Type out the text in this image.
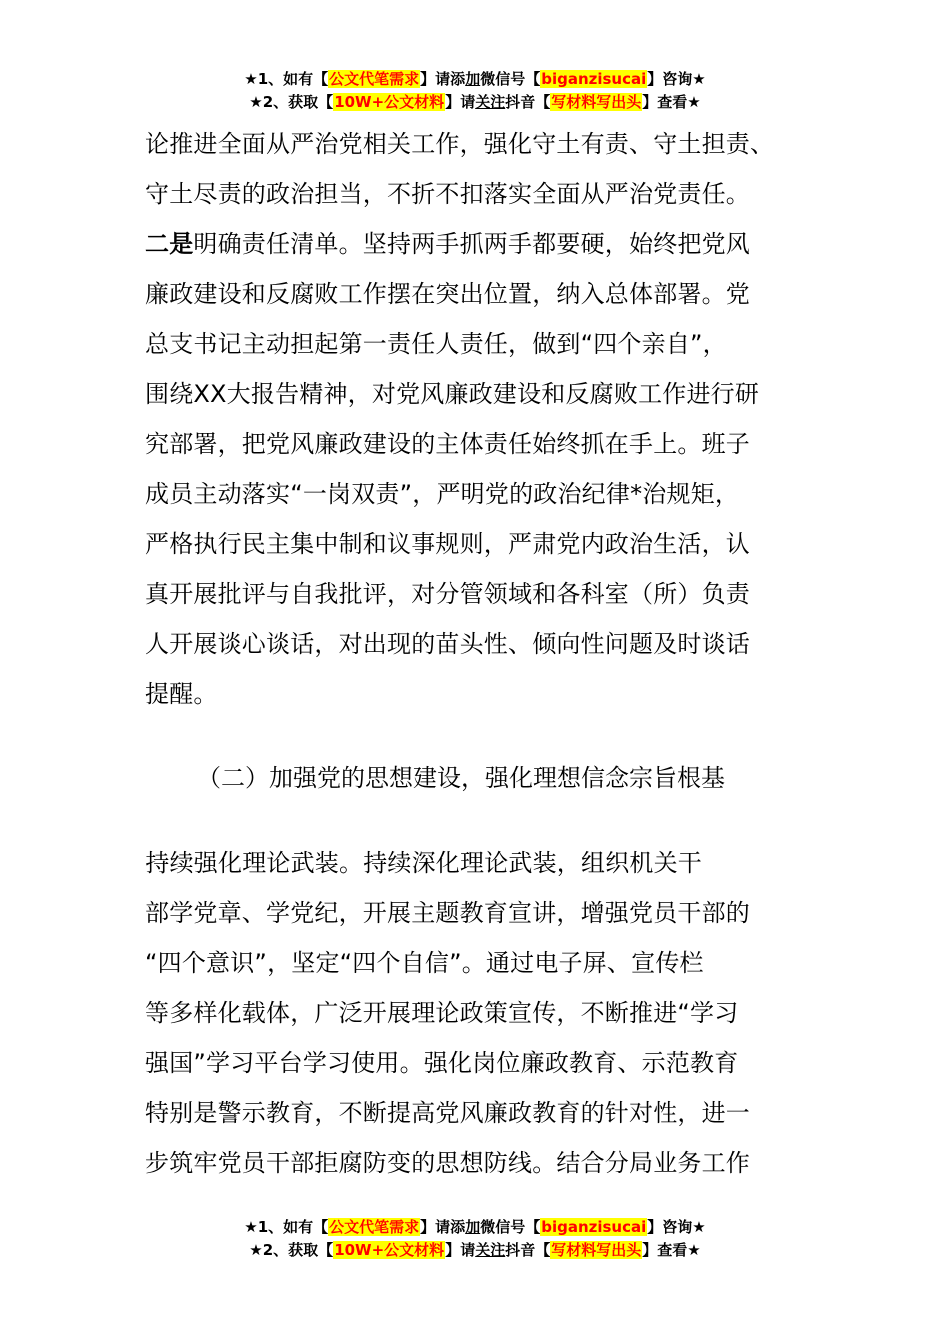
★1、如有【公文代笔需求】请添加微信号【biganzisucai】咨询★
★2、获取【10W+公文材料】请关注抖音【写材料写出头】查看★
论推进全面从严治党相关工作，强化守土有责、守土担责、
守土尽责的政治担当，不折不扣落实全面从严治党责任。
二是明确责任清单。坚持两手抓两手都要硬，始终把党风
廉政建设和反腐败工作摆在突出位置，纳入总体部署。党
总支书记主动担起第一责任人责任，做到“四个亲自”，
围绕XX大报告精神，对党风廉政建设和反腐败工作进行研
究部署，把党风廉政建设的主体责任始终抓在手上。班子
成员主动落实“一岗双责”，严明党的政治纪律*治规矩，
严格执行民主集中制和议事规则，严肃党内政治生活，认
真开展批评与自我批评，对分管领域和各科室（所）负责
人开展谈心谈话，对出现的苗头性、倾向性问题及时谈话
提醒。
（二）加强党的思想建设，强化理想信念宗旨根基
　　持续强化理论武装。持续深化理论武装，组织机关干
部学党章、学党纪，开展主题教育宣讲，增强党员干部的
“四个意识”，坚定“四个自信”。通过电子屏、宣传栏
等多样化载体，广泛开展理论政策宣传，不断推进“学习
强国”学习平台学习使用。强化岗位廉政教育、示范教育
特别是警示教育，不断提高党风廉政教育的针对性，进一
步筑牢党员干部拒腐防变的思想防线。结合分局业务工作
★1、如有【公文代笔需求】请添加微信号【biganzisucai】咨询★
★2、获取【10W+公文材料】请关注抖音【写材料写出头】查看★
